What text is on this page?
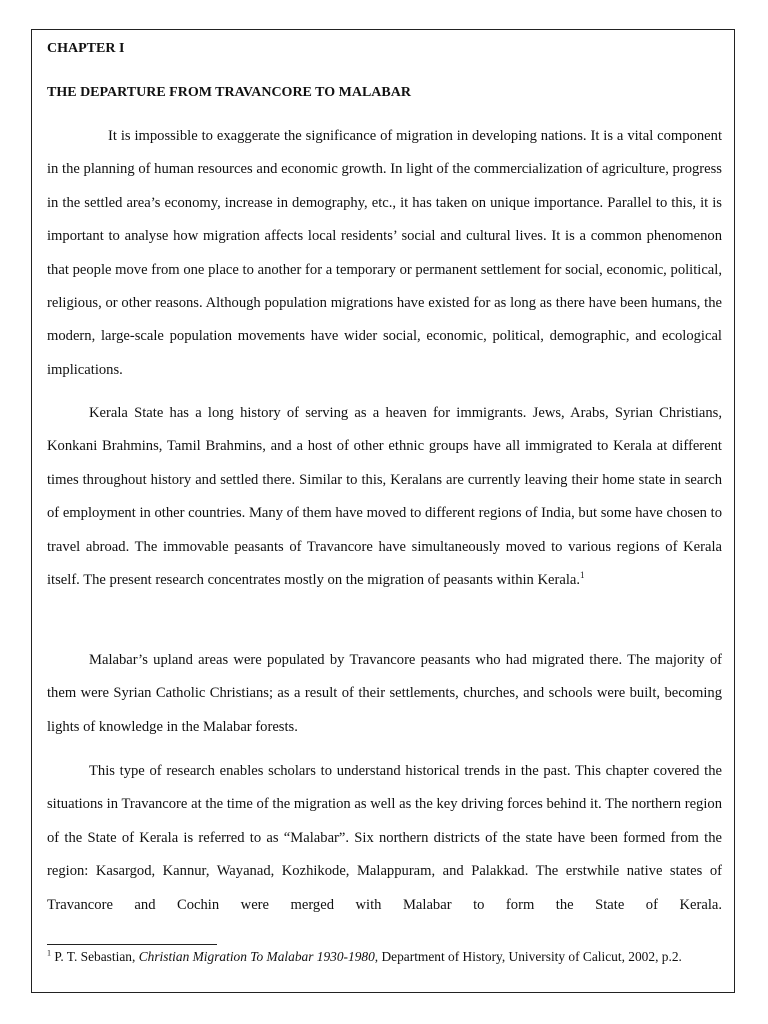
CHAPTER I
THE DEPARTURE FROM TRAVANCORE TO MALABAR

It is impossible to exaggerate the significance of migration in developing nations. It is a vital component in the planning of human resources and economic growth. In light of the commercialization of agriculture, progress in the settled area’s economy, increase in demography, etc., it has taken on unique importance. Parallel to this, it is important to analyse how migration affects local residents’ social and cultural lives. It is a common phenomenon that people move from one place to another for a temporary or permanent settlement for social, economic, political, religious, or other reasons. Although population migrations have existed for as long as there have been humans, the modern, large-scale population movements have wider social, economic, political, demographic, and ecological implications.

Kerala State has a long history of serving as a heaven for immigrants. Jews, Arabs, Syrian Christians, Konkani Brahmins, Tamil Brahmins, and a host of other ethnic groups have all immigrated to Kerala at different times throughout history and settled there. Similar to this, Keralans are currently leaving their home state in search of employment in other countries. Many of them have moved to different regions of India, but some have chosen to travel abroad. The immovable peasants of Travancore have simultaneously moved to various regions of Kerala itself. The present research concentrates mostly on the migration of peasants within Kerala.$^1$

Malabar’s upland areas were populated by Travancore peasants who had migrated there. The majority of them were Syrian Catholic Christians; as a result of their settlements, churches, and schools were built, becoming lights of knowledge in the Malabar forests.

This type of research enables scholars to understand historical trends in the past. This chapter covered the situations in Travancore at the time of the migration as well as the key driving forces behind it. The northern region of the State of Kerala is referred to as “Malabar”. Six northern districts of the state have been formed from the region: Kasargod, Kannur, Wayanad, Kozhikode, Malappuram, and Palakkad. The erstwhile native states of Travancore and Cochin were merged with Malabar to form the State of Kerala.

$^1$ P. T. Sebastian, Christian Migration To Malabar 1930-1980, Department of History, University of Calicut, 2002, p.2.
